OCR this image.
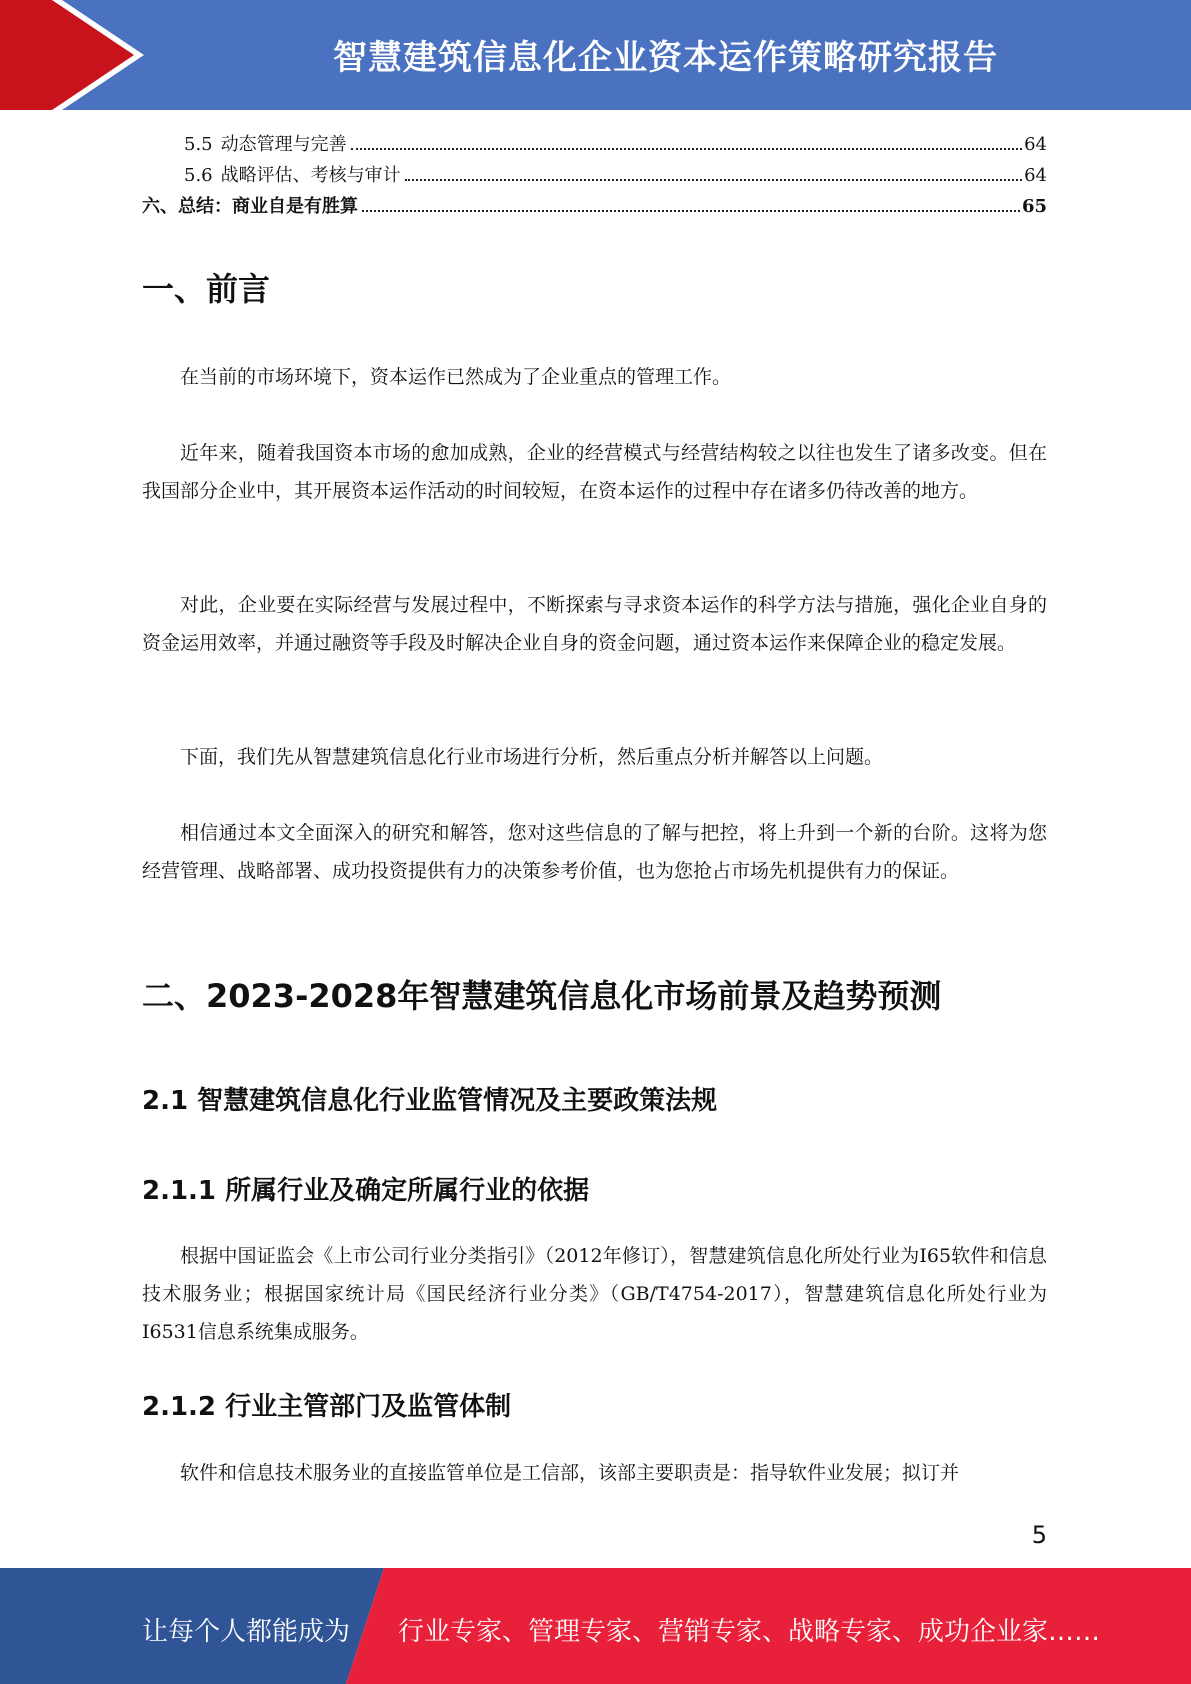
智慧建筑信息化企业资本运作策略研究报告
5.5 动态管理与完善	64
5.6 战略评估、考核与审计	64
六、总结：商业自是有胜算	65
一、前言

在当前的市场环境下，资本运作已然成为了企业重点的管理工作。

近年来，随着我国资本市场的愈加成熟，企业的经营模式与经营结构较之以往也发生了诸多改变。但在我国部分企业中，其开展资本运作活动的时间较短，在资本运作的过程中存在诸多仍待改善的地方。

对此，企业要在实际经营与发展过程中，不断探索与寻求资本运作的科学方法与措施，强化企业自身的资金运用效率，并通过融资等手段及时解决企业自身的资金问题，通过资本运作来保障企业的稳定发展。

下面，我们先从智慧建筑信息化行业市场进行分析，然后重点分析并解答以上问题。

相信通过本文全面深入的研究和解答，您对这些信息的了解与把控，将上升到一个新的台阶。这将为您经营管理、战略部署、成功投资提供有力的决策参考价值，也为您抢占市场先机提供有力的保证。

二、2023-2028年智慧建筑信息化市场前景及趋势预测
2.1 智慧建筑信息化行业监管情况及主要政策法规
2.1.1 所属行业及确定所属行业的依据

根据中国证监会《上市公司行业分类指引》（2012年修订），智慧建筑信息化所处行业为I65软件和信息技术服务业；根据国家统计局《国民经济行业分类》（GB/T4754-2017），智慧建筑信息化所处行业为I6531信息系统集成服务。

2.1.2 行业主管部门及监管体制

软件和信息技术服务业的直接监管单位是工信部，该部主要职责是：指导软件业发展；拟订并

5
让每个人都能成为 行业专家、管理专家、营销专家、战略专家、成功企业家……
